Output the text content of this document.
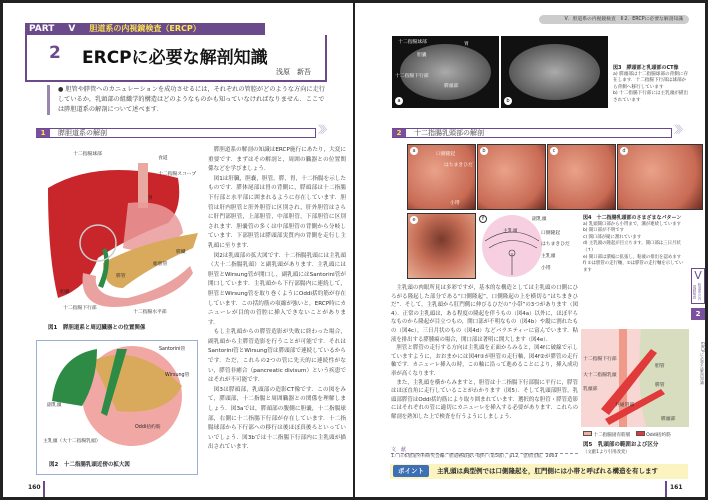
PART Ⅴ 胆道系の内視鏡検査（ERCP）
2 ERCPに必要な解剖知識
浅原　新吾
● 胆管や膵管へのカニュレーションを成功させるには，それぞれの管腔がどのような方向に走行しているか，乳頭部の組織学的構造はどのようなものかも知っていなければなりません．ここでは膵胆道系の解剖について述べます．
1 膵胆道系の解剖	〉〉〉
十二指腸球部
食道
十二指腸スコープ
胃
膵臓
総胆管
膵管
胆嚢
十二指腸下行部
十二指腸水平部
図1　膵胆道系と周辺臓器との位置関係
Santorini管
Wirsung管
副乳頭
Oddi括約筋
主乳頭（大十二指腸乳頭）
図2　十二指腸乳頭近傍の拡大図

膵胆道系の解剖の知識はERCP施行にあたり，大変に重要です．まずはその解剖と，周囲の臓器との位置関係などを学びましょう．

図1は肝臓，胆嚢，胆管，膵，胃，十二指腸を示したものです．膵体尾部は胃の背側に，膵頭部は十二指腸下行部と水平部に囲まれるように存在しています．胆管は肝内胆管と肝外胆管に区別され，肝外胆管はさらに肝門部胆管，上部胆管，中部胆管，下部胆管に区別されます．胆嚢管の多くは中部胆管の背側から分岐しています．下部胆管は膵頭部実質内の背側を走行し主乳頭に至ります．

図2は乳頭部の拡大図です．十二指腸乳頭には主乳頭（大十二指腸乳頭）と副乳頭があります．主乳頭には胆管とWirsung管が開口し，副乳頭にはSantorini管が開口しています．主乳頭から下行部腸内に連続して，胆管とWirsung管を取り巻くようにOddi括約筋が存在しています．この括約筋の収縮が強いと，ERCP時にカニューレが目的の管腔に挿入できないことがあります．

もし主乳頭からの膵管造影が失敗に終わった場合，副乳頭から主膵管造影を行うことが可能です．それはSantorini管とWirsung管は膵頭部で連続しているからです．ただ，これらの2つの管に先天的に連続性がない，膵管非癒合（pancreatic divisum）という疾患ではそれが不可能です．

図3は膵頭部，乳頭部の造影CT像です．この図をみて，膵頭部，十二指腸と周囲臓器との関係を理解しましょう．図3aでは，膵頭部の腹側に胆嚢，十二指腸球部，右側に十二指腸下行部が存在しています．十二指腸球部から下行部への移行は後ほぼ真後ろといっていいでしょう．図3bでは十二指腸下行部内に主乳頭が描出されています．

160
Ⅴ．胆道系の内視鏡検査　Ⅱ 2．ERCPに必要な解剖知識
a
十二指腸球部
胆嚢
十二指腸下行部
膵頭部
胃
b
図3　膵頭部と乳頭部のCT像
a) 膵頭部は十二指腸球部の背側に存在します．十二指腸下行部は球部から背側へ移行しています
b) 十二指腸下行部には主乳頭が描出されています
2 十二指腸乳頭部の解剖	〉〉〉
a
口側隆起
はちまきひだ
小帯
b	c	d
e	f	副乳頭
口側隆起
はちまきひだ
主乳頭
小帯
主乳頭
図4　十二指腸乳頭部のさまざまなパターン
a) 乳頭開口部から小帯まで，溝が連続しています
b) 開口部が不明です
c) 開口部が縦に割れています
d) 主乳頭の隆起が目立ちます，開口部は三日月状（↑）
e) 開口部は潰瘍に拡張し，粘液の排出を認めます
f) ①は胆管の走行軸，②は膵管の走行軸を示しています

主乳頭の肉眼所見は多彩ですが，基本的な構造としては主乳頭の口側にひろがる隆起した部分である“口側隆起”，口側隆起の上を横切る“はちまきひだ”．そして，主乳頭から肛門側に伸びるひだの“小帯”の3つがあります（図4）．正常の主乳頭は，ある程度の隆起を伴うもの（図4a）以外に，ほぼ平らなものから隆起が目立つもの，開口部が不明なもの（図4b）や縦に割れたもの（図4c），三日月状のもの（図4d）などバラエティーに富んでいます．粘液を排出する膵腫瘍の場合，開口部は著明に開大します（図4e）．

胆管と膵管の走行する方向は主乳頭を正面からみると，図4fに破線で示していますように，おおまかには図4f①が胆管の走行軸，図4f②が膵管の走行軸です．カニューレ挿入の時，この軸に沿って進めることにより，挿入成功率が高くなります．

また，主乳頭を横からみますと，胆管は十二指腸下行部腸に平行に，膵管はほぼ直角に走行していることがわかります（図5）．そして乳頭部胆管，乳頭部膵管はOddi括約筋により取り囲まれています．選択的な胆管・膵管造影にはそれぞれの管に適切にカニューレを挿入する必要があります．これらの解剖を熟知した上で検査を行うようにしましょう．

十二指腸下行部
大十二指腸乳頭
乳頭部
胆管
膵管
共通管部
膵頭部
十二指腸固有筋層	Oddi括約筋
図5　乳頭部の範囲および区分
（文献1より引用改変）
文　献
1）日本胆道外科研究会編：胆道癌取扱い規約（第5版），p12，金原出版，2003
ポイント 主乳頭は典型例では口側隆起を，肛門側には小帯と呼ばれる構造を有します
Ⅴ
胆道系の内視鏡検査
2
ERCPに必要な解剖知識
161
